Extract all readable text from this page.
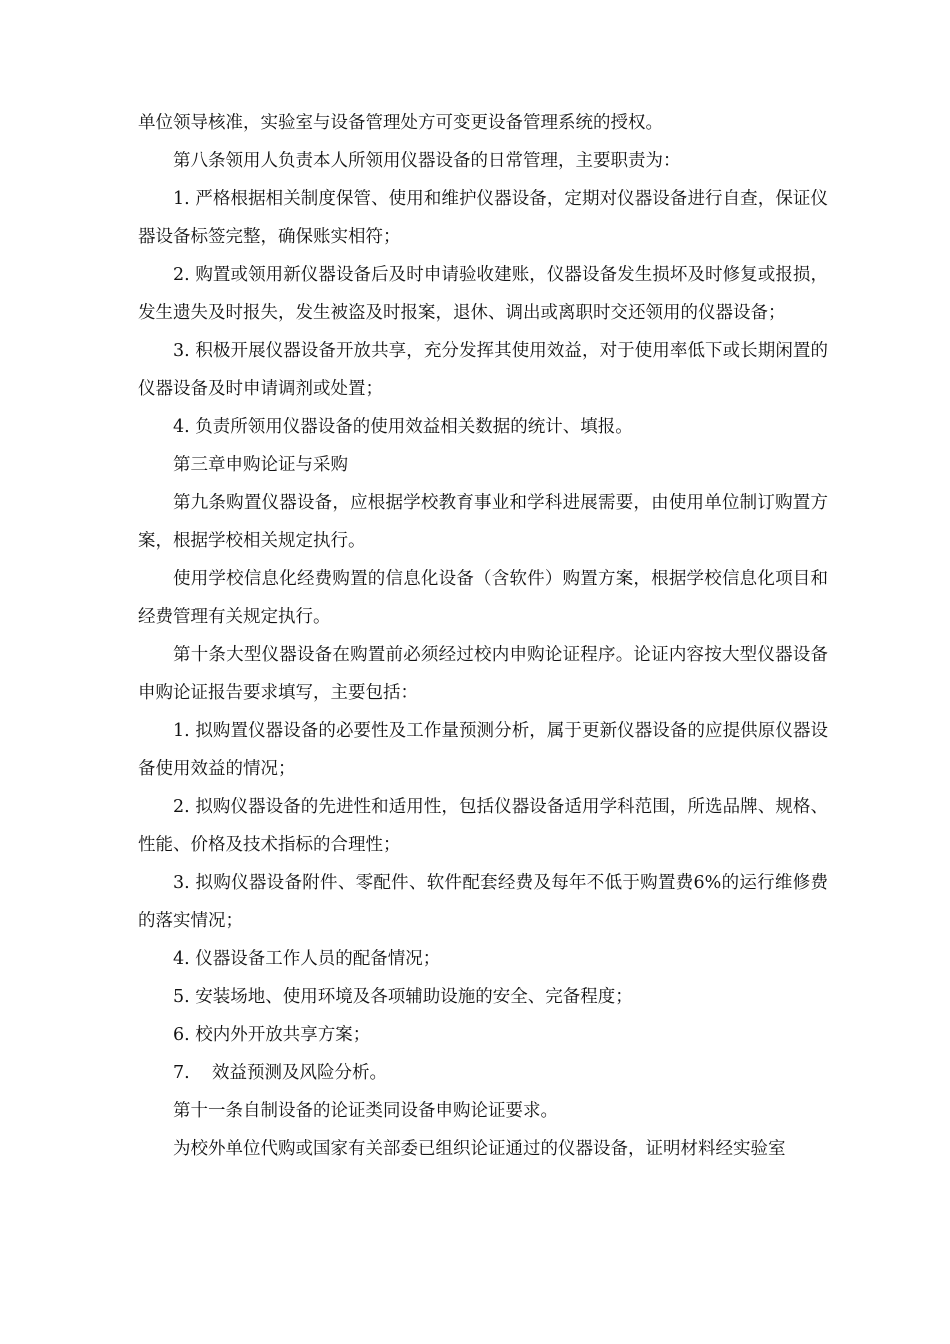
单位领导核准，实验室与设备管理处方可变更设备管理系统的授权。

第八条领用人负责本人所领用仪器设备的日常管理，主要职责为：

1. 严格根据相关制度保管、使用和维护仪器设备，定期对仪器设备进行自查，保证仪器设备标签完整，确保账实相符；

2. 购置或领用新仪器设备后及时申请验收建账，仪器设备发生损坏及时修复或报损，发生遗失及时报失，发生被盗及时报案，退休、调出或离职时交还领用的仪器设备；

3. 积极开展仪器设备开放共享，充分发挥其使用效益，对于使用率低下或长期闲置的仪器设备及时申请调剂或处置；

4. 负责所领用仪器设备的使用效益相关数据的统计、填报。

第三章申购论证与采购

第九条购置仪器设备，应根据学校教育事业和学科进展需要，由使用单位制订购置方案，根据学校相关规定执行。

使用学校信息化经费购置的信息化设备（含软件）购置方案，根据学校信息化项目和经费管理有关规定执行。

第十条大型仪器设备在购置前必须经过校内申购论证程序。论证内容按大型仪器设备申购论证报告要求填写，主要包括：

1. 拟购置仪器设备的必要性及工作量预测分析，属于更新仪器设备的应提供原仪器设备使用效益的情况；

2. 拟购仪器设备的先进性和适用性，包括仪器设备适用学科范围，所选品牌、规格、性能、价格及技术指标的合理性；

3. 拟购仪器设备附件、零配件、软件配套经费及每年不低于购置费6%的运行维修费的落实情况；

4. 仪器设备工作人员的配备情况；

5. 安装场地、使用环境及各项辅助设施的安全、完备程度；

6. 校内外开放共享方案；

7.    效益预测及风险分析。

第十一条自制设备的论证类同设备申购论证要求。

为校外单位代购或国家有关部委已组织论证通过的仪器设备，证明材料经实验室
